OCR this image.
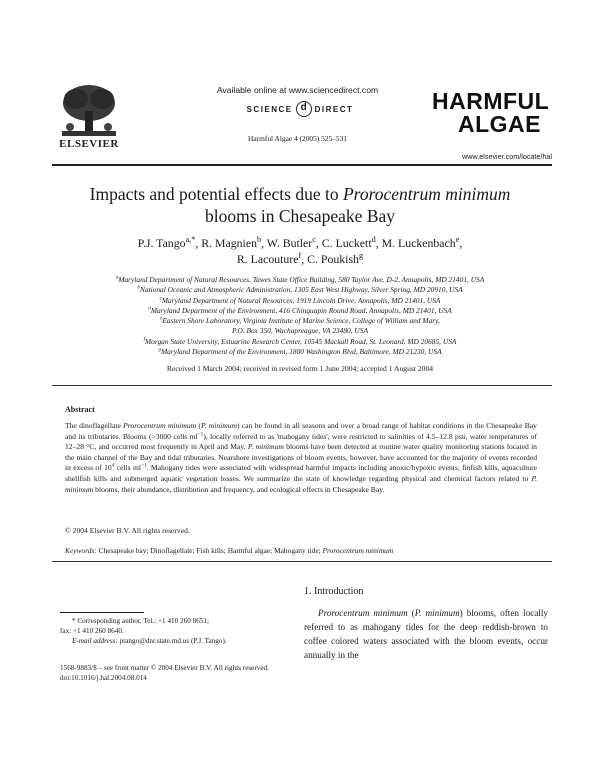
ELSEVIER
Available online at www.sciencedirect.com
SCIENCE d DIRECT
Harmful Algae 4 (2005) 525–531
HARMFUL
ALGAE
www.elsevier.com/locate/hal
Impacts and potential effects due to Prorocentrum minimum blooms in Chesapeake Bay
P.J. Tango$^{a,*}$, R. Magnien$^b$, W. Butler$^c$, C. Luckett$^d$, M. Luckenbach$^e$,
R. Lacouture$^f$, C. Poukish$^g$
$^a$Maryland Department of Natural Resources, Tawes State Office Building, 580 Taylor Ave. D-2, Annapolis, MD 21401, USA
$^b$National Oceanic and Atmospheric Administration, 1305 East West Highway, Silver Spring, MD 20910, USA
$^c$Maryland Department of Natural Resources, 1919 Lincoln Drive, Annapolis, MD 21401, USA
$^d$Maryland Department of the Environment, 416 Chinquapin Round Road, Annapolis, MD 21401, USA
$^e$Eastern Shore Laboratory, Virginia Institute of Marine Science, College of William and Mary,
P.O. Box 350, Wachapreague, VA 23480, USA
$^f$Morgan State University, Estuarine Research Center, 10545 Mackall Road, St. Leonard, MD 20685, USA
$^g$Maryland Department of the Environment, 1800 Washington Blvd, Baltimore, MD 21230, USA
Received 1 March 2004; received in revised form 1 June 2004; accepted 1 August 2004
Abstract
The dinoflagellate Prorocentrum minimum (P. minimum) can be found in all seasons and over a broad range of habitat conditions in the Chesapeake Bay and its tributaries. Blooms (>3000 cells $ml^{-1}$), locally referred to as 'mahogany tides', were restricted to salinities of 4.5–12.8 psu, water temperatures of 12–28 °C, and occurred most frequently in April and May. P. minimum blooms have been detected at routine water quality monitoring stations located in the main channel of the Bay and tidal tributaries. Nearshore investigations of bloom events, however, have accounted for the majority of events recorded in excess of $10^4$ cells $ml^{-1}$. Mahogany tides were associated with widespread harmful impacts including anoxic/hypoxic events, finfish kills, aquaculture shellfish kills and submerged aquatic vegetation losses. We summarize the state of knowledge regarding physical and chemical factors related to P. minimum blooms, their abundance, distribution and frequency, and ecological effects in Chesapeake Bay.
© 2004 Elsevier B.V. All rights reserved.
Keywords: Chesapeake bay; Dinoflagellate; Fish kills; Harmful algae; Mahogany tide; Prorocentrum minimum
1. Introduction
Prorocentrum minimum (P. minimum) blooms, often locally referred to as mahogany tides for the deep reddish-brown to coffee colored waters associated with the bloom events, occur annually in the
* Corresponding author. Tel.: +1 410 260 8651;
fax: +1 410 260 8640.
E-mail address: ptango@dnr.state.md.us (P.J. Tango).
1568-9883/$ – see front matter © 2004 Elsevier B.V. All rights reserved.
doi:10.1016/j.hal.2004.08.014
